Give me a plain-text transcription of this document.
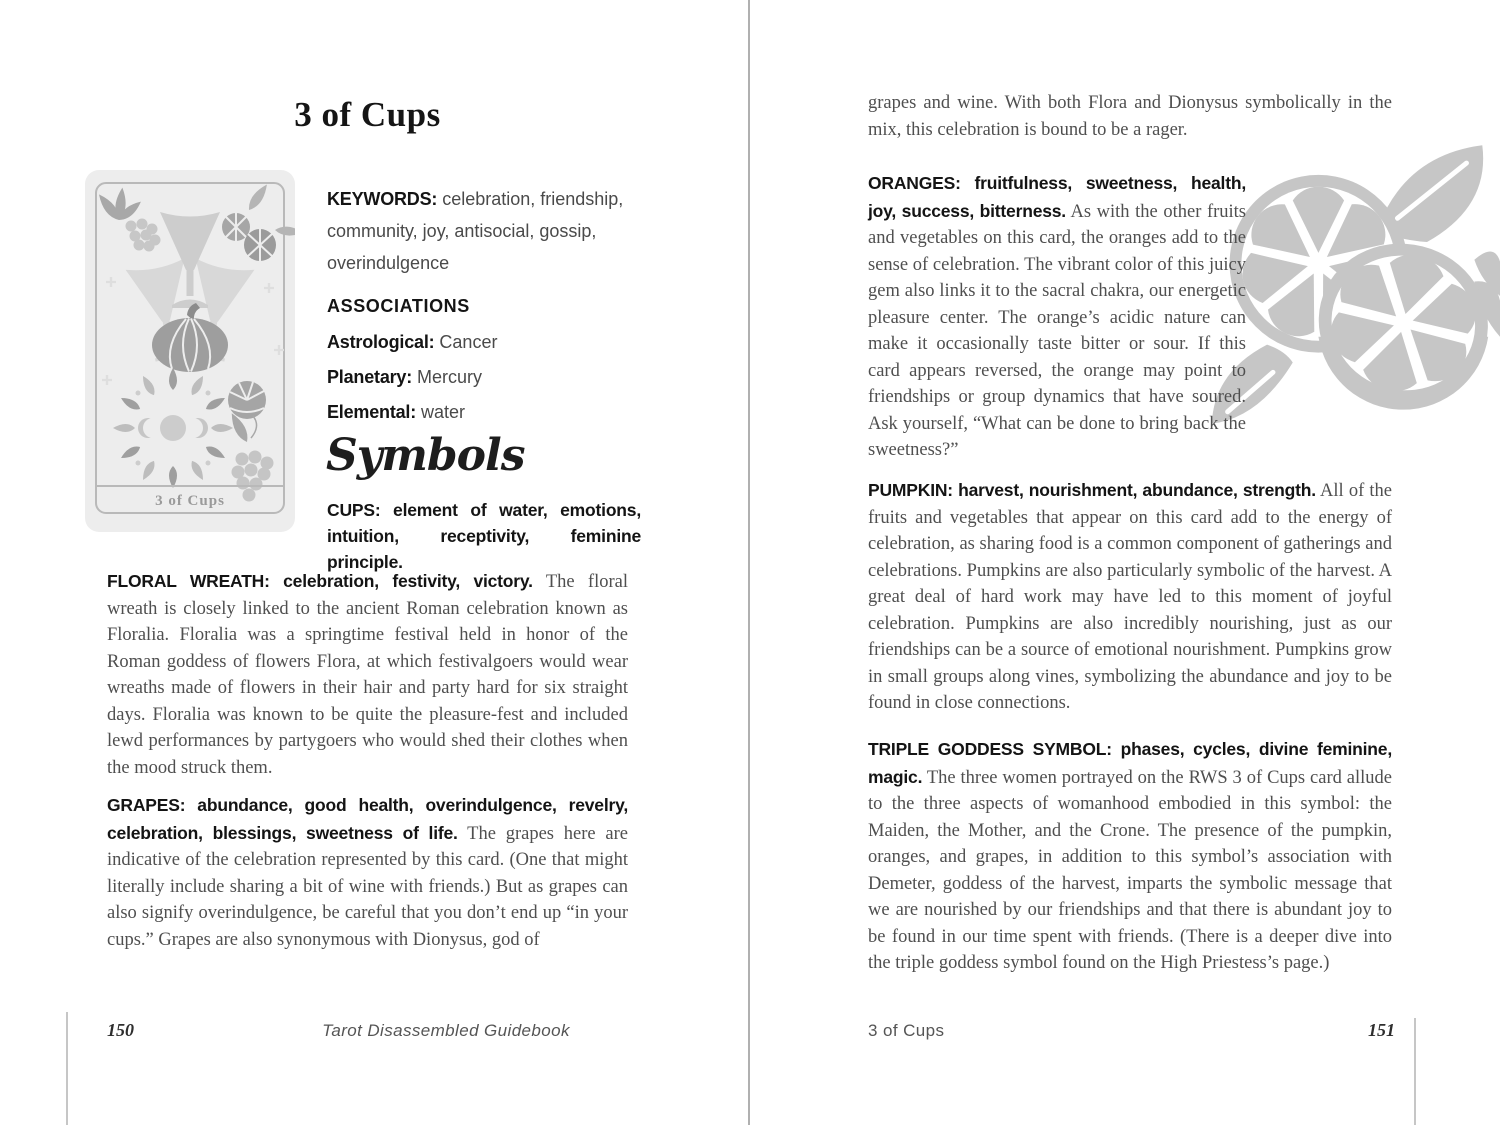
3 of Cups
3 of Cups

KEYWORDS: celebration, friendship, community, joy, antisocial, gossip, overindulgence

ASSOCIATIONS
Astrological: Cancer
Planetary: Mercury
Elemental: water
Symbols
CUPS: element of water, emotions, intuition, receptivity, feminine principle.

FLORAL WREATH: celebration, festivity, victory. The floral wreath is closely linked to the ancient Roman celebration known as Floralia. Floralia was a springtime festival held in honor of the Roman goddess of flowers Flora, at which festivalgoers would wear wreaths made of flowers in their hair and party hard for six straight days. Floralia was known to be quite the pleasure-fest and included lewd performances by partygoers who would shed their clothes when the mood struck them.

GRAPES: abundance, good health, overindulgence, revelry, celebration, blessings, sweetness of life. The grapes here are indicative of the celebration represented by this card. (One that might literally include sharing a bit of wine with friends.) But as grapes can also signify overindulgence, be careful that you don’t end up “in your cups.” Grapes are also synonymous with Dionysus, god of

150	Tarot Disassembled Guidebook

grapes and wine. With both Flora and Dionysus symbolically in the mix, this celebration is bound to be a rager.

ORANGES: fruitfulness, sweetness, health, joy, success, bitterness. As with the other fruits and vegetables on this card, the oranges add to the sense of celebration. The vibrant color of this juicy gem also links it to the sacral chakra, our energetic pleasure center. The orange’s acidic nature can make it occasionally taste bitter or sour. If this card appears reversed, the orange may point to friendships or group dynamics that have soured. Ask yourself, “What can be done to bring back the sweetness?”

PUMPKIN: harvest, nourishment, abundance, strength. All of the fruits and vegetables that appear on this card add to the energy of celebration, as sharing food is a common component of gatherings and celebrations. Pumpkins are also particularly symbolic of the harvest. A great deal of hard work may have led to this moment of joyful celebration. Pumpkins are also incredibly nourishing, just as our friendships can be a source of emotional nourishment. Pumpkins grow in small groups along vines, symbolizing the abundance and joy to be found in close connections.

TRIPLE GODDESS SYMBOL: phases, cycles, divine feminine, magic. The three women portrayed on the RWS 3 of Cups card allude to the three aspects of womanhood embodied in this symbol: the Maiden, the Mother, and the Crone. The presence of the pumpkin, oranges, and grapes, in addition to this symbol’s association with Demeter, goddess of the harvest, imparts the symbolic message that we are nourished by our friendships and that there is abundant joy to be found in our time spent with friends. (There is a deeper dive into the triple goddess symbol found on the High Priestess’s page.)

3 of Cups	151
